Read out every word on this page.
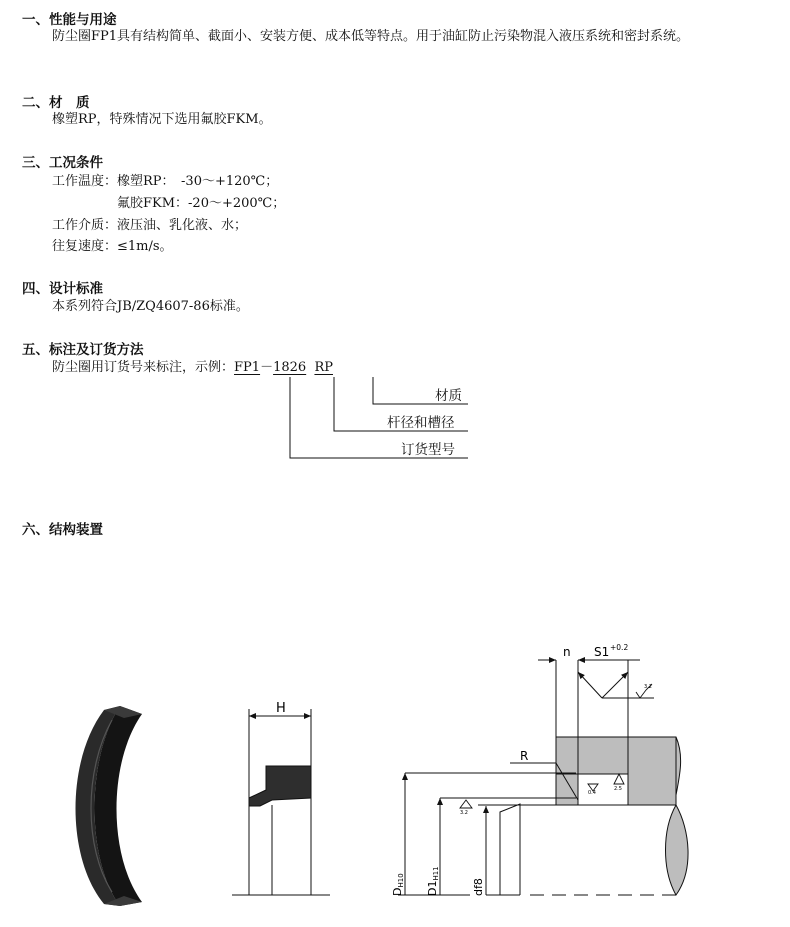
一、性能与用途
防尘圈FP1具有结构简单、截面小、安装方便、成本低等特点。用于油缸防止污染物混入液压系统和密封系统。
二、材　质
橡塑RP，特殊情况下选用氟胶FKM。
三、工况条件
工作温度：橡塑RP：　-30～+120℃；
　　　　　氟胶FKM：-20～+200℃；
工作介质：液压油、乳化液、水；
往复速度：≤1m/s。
四、设计标准
本系列符合JB/ZQ4607-86标准。
五、标注及订货方法
防尘圈用订货号来标注，示例：FP1－1826 RP
材质
杆径和槽径
订货型号
六、结构装置
H
n S1 +0.2
R
3.2
0.4
2.5
3.2
DH10
D1H11
df8
